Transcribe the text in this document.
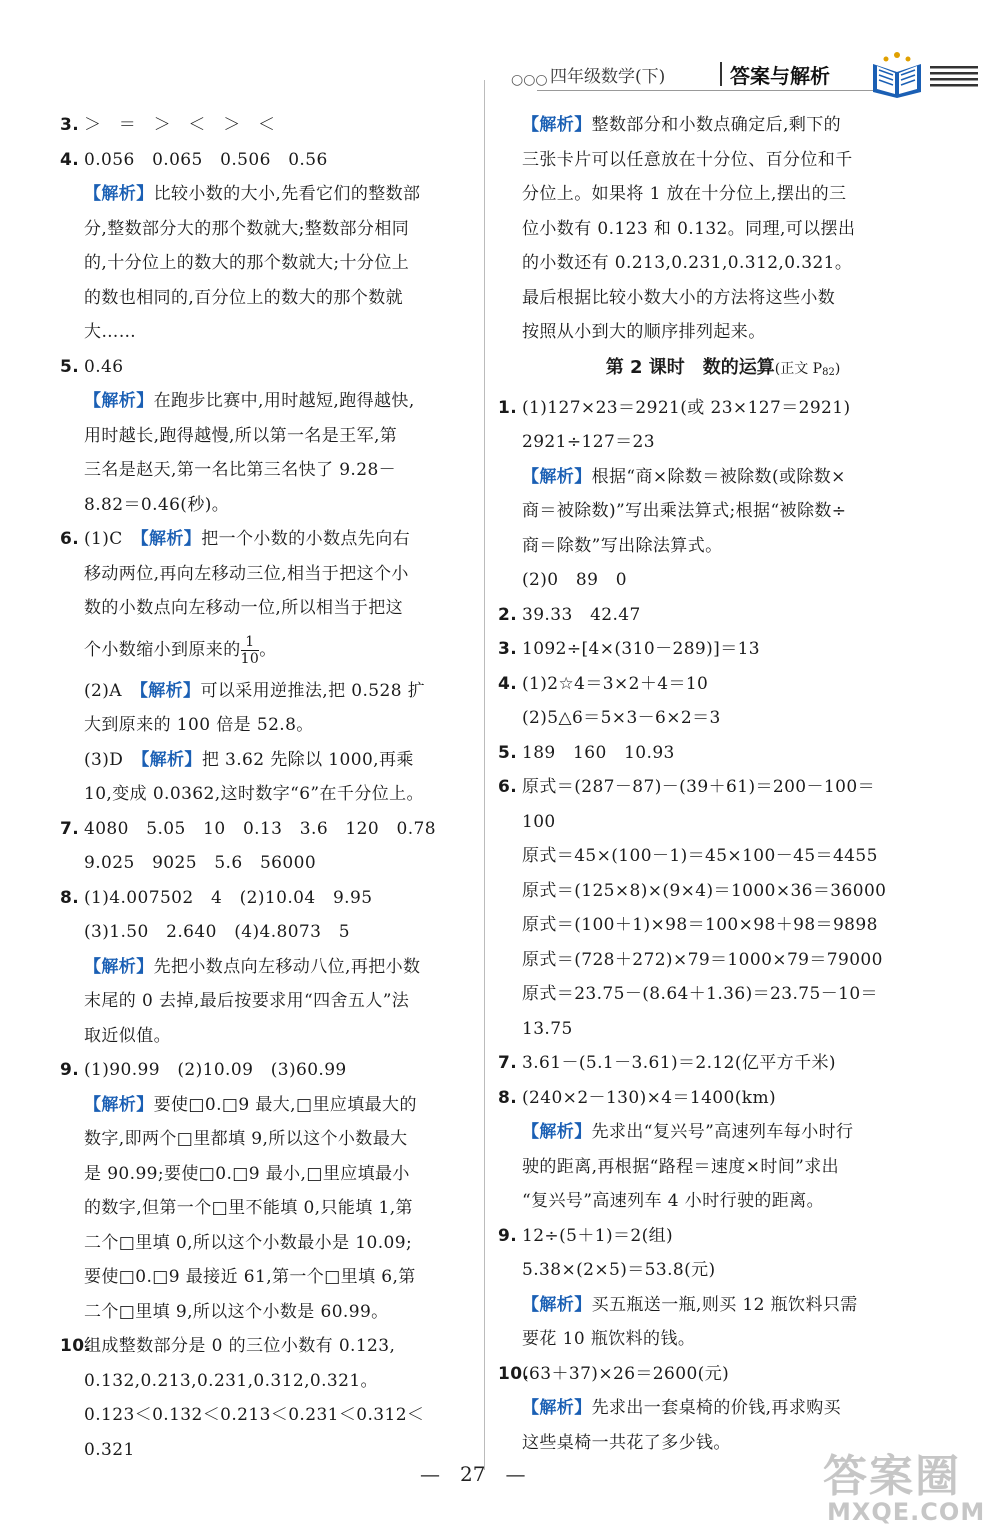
○○○ 四年级数学(下)	答案与解析
3. ＞　＝　＞　＜　＞　＜
4. 0.056　0.065　0.506　0.56
【解析】比较小数的大小,先看它们的整数部
分,整数部分大的那个数就大;整数部分相同
的,十分位上的数大的那个数就大;十分位上
的数也相同的,百分位上的数大的那个数就
大……
5. 0.46
【解析】在跑步比赛中,用时越短,跑得越快,
用时越长,跑得越慢,所以第一名是王军,第
三名是赵天,第一名比第三名快了 9.28－
8.82＝0.46(秒)。
6. (1)C　【解析】把一个小数的小数点先向右
移动两位,再向左移动三位,相当于把这个小
数的小数点向左移动一位,所以相当于把这
个小数缩小到原来的 $\frac{1}{10}$ 。
(2)A　【解析】可以采用逆推法,把 0.528 扩
大到原来的 100 倍是 52.8。
(3)D　【解析】把 3.62 先除以 1000,再乘
10,变成 0.0362,这时数字“6”在千分位上。
7. 4080　5.05　10　0.13　3.6　120　0.78
9.025　9025　5.6　56000
8. (1)4.007502　4　(2)10.04　9.95
(3)1.50　2.640　(4)4.8073　5
【解析】先把小数点向左移动八位,再把小数
末尾的 0 去掉,最后按要求用“四舍五人”法
取近似值。
9. (1)90.99　(2)10.09　(3)60.99
【解析】要使□0.□9 最大,□里应填最大的
数字,即两个□里都填 9,所以这个小数最大
是 90.99;要使□0.□9 最小,□里应填最小
的数字,但第一个□里不能填 0,只能填 1,第
二个□里填 0,所以这个小数最小是 10.09;
要使□0.□9 最接近 61,第一个□里填 6,第
二个□里填 9,所以这个小数是 60.99。
10.
组成整数部分是 0 的三位小数有 0.123,
0.132,0.213,0.231,0.312,0.321。
0.123＜0.132＜0.213＜0.231＜0.312＜
0.321
【解析】整数部分和小数点确定后,剩下的
三张卡片可以任意放在十分位、百分位和千
分位上。如果将 1 放在十分位上,摆出的三
位小数有 0.123 和 0.132。同理,可以摆出
的小数还有 0.213,0.231,0.312,0.321。
最后根据比较小数大小的方法将这些小数
按照从小到大的顺序排列起来。
第 2 课时　数的运算(正文 $P_{82}$)
1. (1)127×23＝2921(或 23×127＝2921)
2921÷127＝23
【解析】根据“商×除数＝被除数(或除数×
商＝被除数)”写出乘法算式;根据“被除数÷
商＝除数”写出除法算式。
(2)0　89　0
2. 39.33　42.47
3. 1092÷[4×(310－289)]＝13
4. (1)2☆4＝3×2＋4＝10
(2)5△6＝5×3－6×2＝3
5. 189　160　10.93
6. 原式＝(287－87)－(39＋61)＝200－100＝
100
原式＝45×(100－1)＝45×100－45＝4455
原式＝(125×8)×(9×4)＝1000×36＝36000
原式＝(100＋1)×98＝100×98＋98＝9898
原式＝(728＋272)×79＝1000×79＝79000
原式＝23.75－(8.64＋1.36)＝23.75－10＝
13.75
7. 3.61－(5.1－3.61)＝2.12(亿平方千米)
8. (240×2－130)×4＝1400(km)
【解析】先求出“复兴号”高速列车每小时行
驶的距离,再根据“路程＝速度×时间”求出
“复兴号”高速列车 4 小时行驶的距离。
9. 12÷(5＋1)＝2(组)
5.38×(2×5)＝53.8(元)
【解析】买五瓶送一瓶,则买 12 瓶饮料只需
要花 10 瓶饮料的钱。
10.
(63＋37)×26＝2600(元)
【解析】先求出一套桌椅的价钱,再求购买
这些桌椅一共花了多少钱。
—　27　—	答案圈
MXQE.COM
